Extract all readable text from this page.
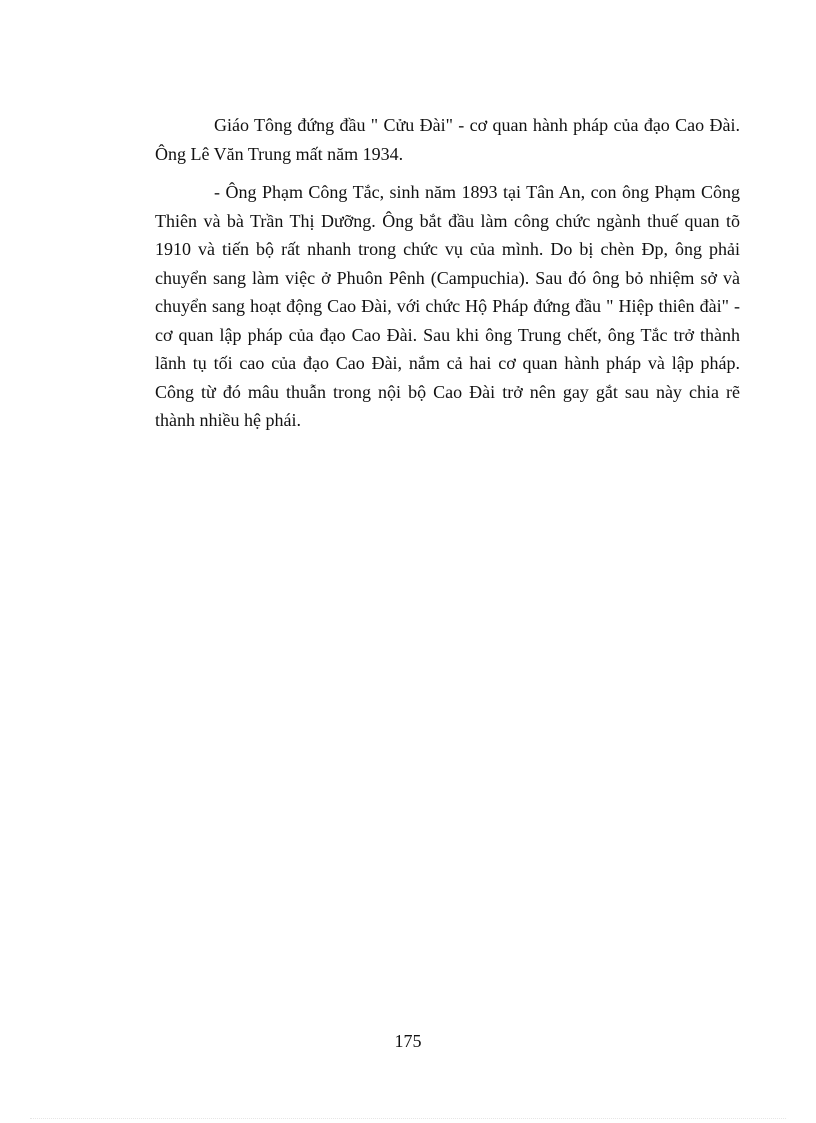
Giáo Tông đứng đầu " Cửu Đài" - cơ quan hành pháp của đạo Cao Đài. Ông Lê Văn Trung mất năm 1934.

- Ông Phạm Công Tắc, sinh năm 1893 tại Tân An, con ông Phạm Công Thiên và bà Trần Thị Dưỡng. Ông bắt đầu làm công chức ngành thuế quan tõ 1910 và tiến bộ rất nhanh trong chức vụ của mình. Do bị chèn Đp, ông phải chuyển sang làm việc ở Phuôn Pênh (Campuchia). Sau đó ông bỏ nhiệm sở và chuyển sang hoạt động Cao Đài, với chức Hộ Pháp đứng đầu " Hiệp thiên đài" - cơ quan lập pháp của đạo Cao Đài. Sau khi ông Trung chết, ông Tắc trở thành lãnh tụ tối cao của đạo Cao Đài, nắm cả hai cơ quan hành pháp và lập pháp. Công từ đó mâu thuẫn trong nội bộ Cao Đài trở nên gay gắt sau này chia rẽ thành nhiều hệ phái.

175
